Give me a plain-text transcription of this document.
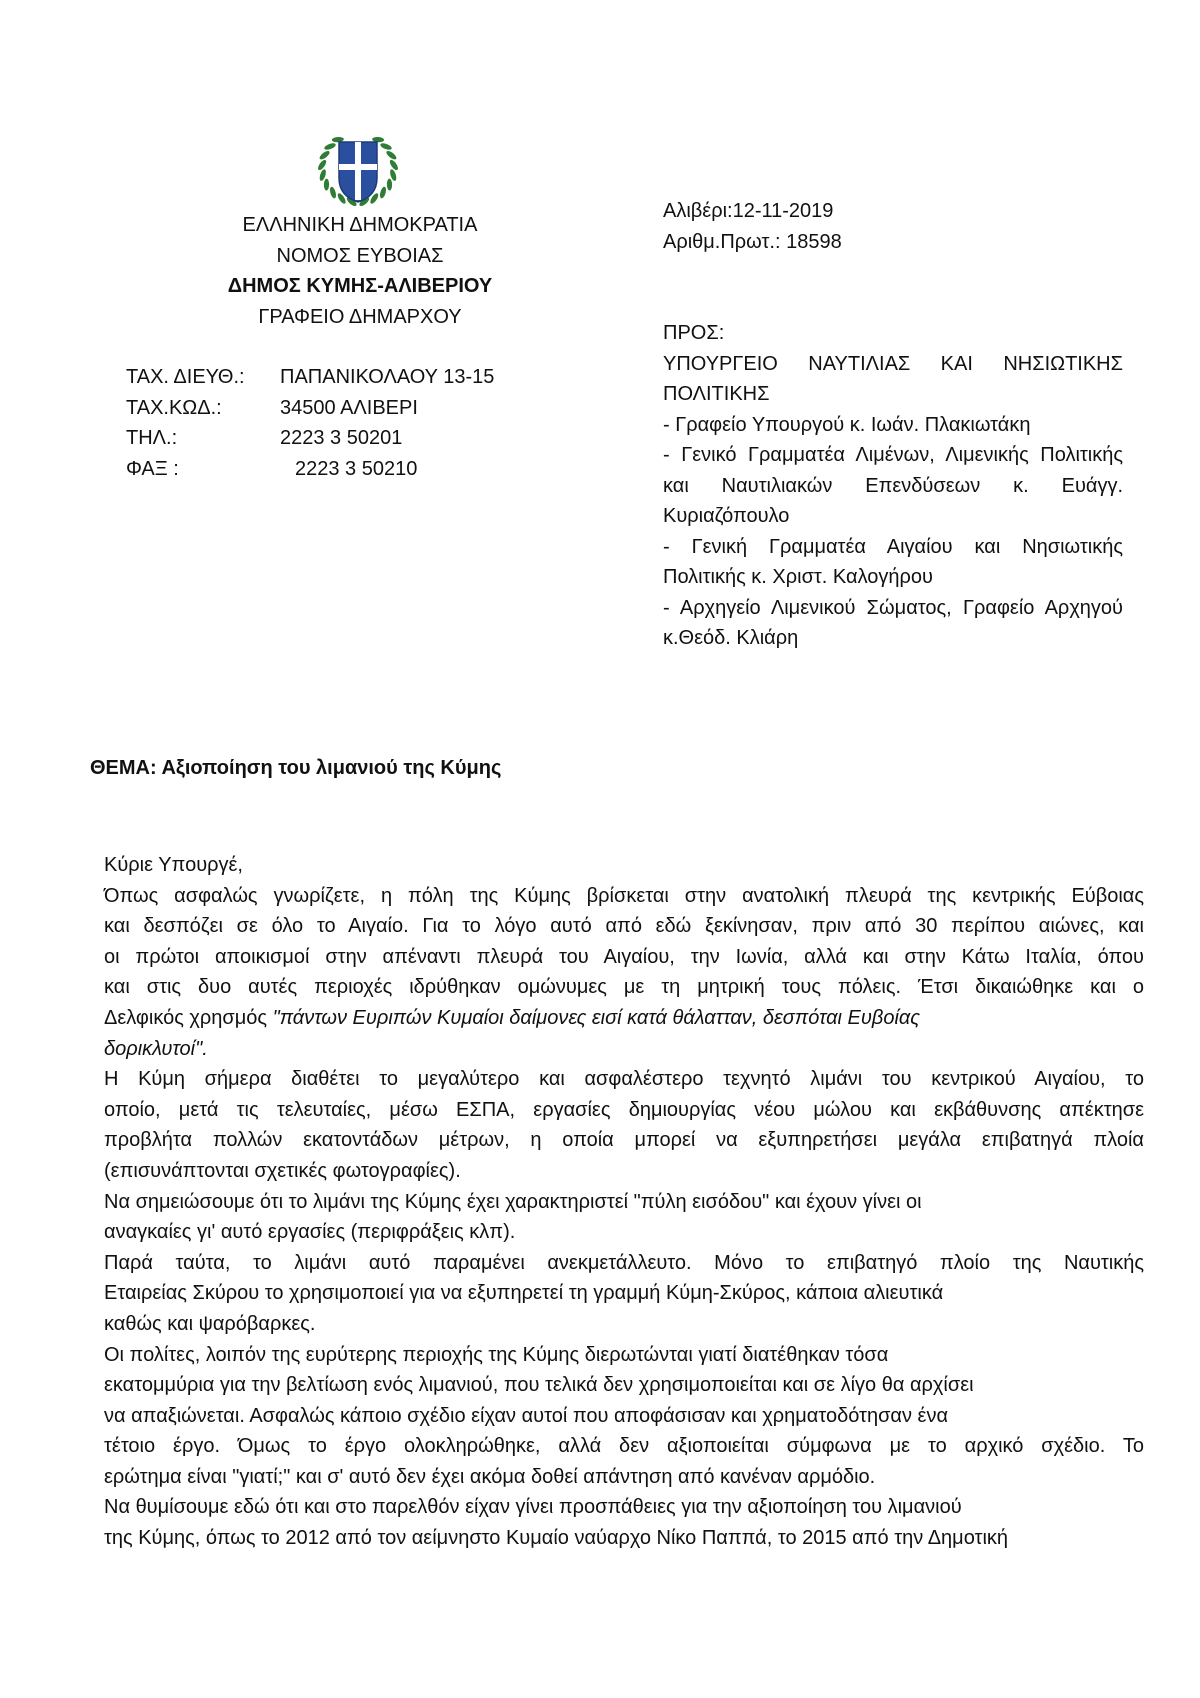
ΕΛΛΗΝΙΚΗ ΔΗΜΟΚΡΑΤΙΑ
ΝΟΜΟΣ ΕΥΒΟΙΑΣ
ΔΗΜΟΣ ΚΥΜΗΣ-ΑΛΙΒΕΡΙΟΥ
ΓΡΑΦΕΙΟ ΔΗΜΑΡΧΟΥ
ΤΑΧ. ΔΙΕΥΘ.:	ΠΑΠΑΝΙΚΟΛΑΟΥ 13-15
ΤΑΧ.ΚΩΔ.:	34500 ΑΛΙΒΕΡΙ
ΤΗΛ.:	2223 3 50201
ΦΑΞ :	2223 3 50210
Αλιβέρι:12-11-2019
Αριθμ.Πρωτ.: 18598

ΠΡΟΣ:

ΥΠΟΥΡΓΕΙΟ ΝΑΥΤΙΛΙΑΣ ΚΑΙ ΝΗΣΙΩΤΙΚΗΣ ΠΟΛΙΤΙΚΗΣ

- Γραφείο Υπουργού κ. Ιωάν. Πλακιωτάκη

- Γενικό Γραμματέα Λιμένων, Λιμενικής Πολιτικής και Ναυτιλιακών Επενδύσεων κ. Ευάγγ. Κυριαζόπουλο

- Γενική Γραμματέα Αιγαίου και Νησιωτικής Πολιτικής κ. Χριστ. Καλογήρου

- Αρχηγείο Λιμενικού Σώματος, Γραφείο Αρχηγού κ.Θεόδ. Κλιάρη

ΘΕΜΑ: Αξιοποίηση του λιμανιού της Κύμης

Κύριε Υπουργέ,

Όπως ασφαλώς γνωρίζετε, η πόλη της Κύμης βρίσκεται στην ανατολική πλευρά της κεντρικής Εύβοιας

και δεσπόζει σε όλο το Αιγαίο. Για το λόγο αυτό από εδώ ξεκίνησαν, πριν από 30 περίπου αιώνες, και

οι πρώτοι αποικισμοί στην απέναντι πλευρά του Αιγαίου, την Ιωνία, αλλά και στην Κάτω Ιταλία, όπου

και στις δυο αυτές περιοχές ιδρύθηκαν ομώνυμες με τη μητρική τους πόλεις. Έτσι δικαιώθηκε και ο

Δελφικός χρησμός "πάντων Ευριπών Κυμαίοι δαίμονες εισί κατά θάλατταν, δεσπόται Ευβοίας

δορικλυτοί".

Η Κύμη σήμερα διαθέτει το μεγαλύτερο και ασφαλέστερο τεχνητό λιμάνι του κεντρικού Αιγαίου, το

οποίο, μετά τις τελευταίες, μέσω ΕΣΠΑ, εργασίες δημιουργίας νέου μώλου και εκβάθυνσης απέκτησε

προβλήτα πολλών εκατοντάδων μέτρων, η οποία μπορεί να εξυπηρετήσει μεγάλα επιβατηγά πλοία

(επισυνάπτονται σχετικές φωτογραφίες).

Να σημειώσουμε ότι το λιμάνι της Κύμης έχει χαρακτηριστεί "πύλη εισόδου" και έχουν γίνει οι

αναγκαίες γι' αυτό εργασίες (περιφράξεις κλπ).

Παρά ταύτα, το λιμάνι αυτό παραμένει ανεκμετάλλευτο. Μόνο το επιβατηγό πλοίο της Ναυτικής

Εταιρείας Σκύρου το χρησιμοποιεί για να εξυπηρετεί τη γραμμή Κύμη-Σκύρος, κάποια αλιευτικά

καθώς και ψαρόβαρκες.

Οι πολίτες, λοιπόν της ευρύτερης περιοχής της Κύμης διερωτώνται γιατί διατέθηκαν τόσα

εκατομμύρια για την βελτίωση ενός λιμανιού, που τελικά δεν χρησιμοποιείται και σε λίγο θα αρχίσει

να απαξιώνεται. Ασφαλώς κάποιο σχέδιο είχαν αυτοί που αποφάσισαν και χρηματοδότησαν ένα

τέτοιο έργο. Όμως το έργο ολοκληρώθηκε, αλλά δεν αξιοποιείται σύμφωνα με το αρχικό σχέδιο. Το

ερώτημα είναι "γιατί;" και σ' αυτό δεν έχει ακόμα δοθεί απάντηση από κανέναν αρμόδιο.

Να θυμίσουμε εδώ ότι και στο παρελθόν είχαν γίνει προσπάθειες για την αξιοποίηση του λιμανιού

της Κύμης, όπως το 2012 από τον αείμνηστο Κυμαίο ναύαρχο Νίκο Παππά, το 2015 από την Δημοτική
